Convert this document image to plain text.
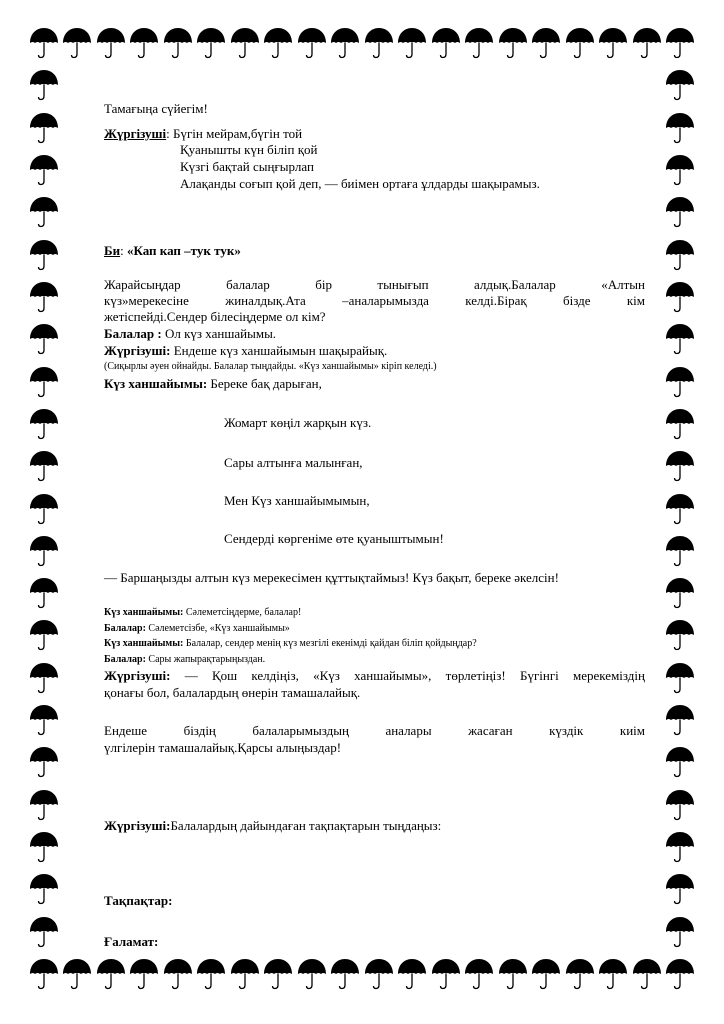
Тамағыңа сүйегім!
Жүргізуші: Бүгін мейрам,бүгін той
Қуанышты күн біліп қой
Күзгі бақтай сыңғырлап
Алақанды соғып қой деп, — биімен ортаға ұлдарды шақырамыз.
Би: «Кап кап –тук тук»
Жарайсыңдар балалар бір тынығып алдық.Балалар «Алтын
күз»мерекесіне жиналдық.Ата –аналарымызда келді.Бірақ бізде кім
жетіспейді.Сендер білесіңдерме ол кім?
Балалар : Ол күз ханшайымы.
Жүргізуші: Ендеше күз ханшайымын шақырайық.
(Сиқырлы әуен ойнайды. Балалар тыңдайды. «Күз ханшайымы» кіріп келеді.)
Күз ханшайымы: Береке бақ дарыған,
Жомарт көңіл жарқын күз.
Сары алтынға малынған,
Мен Күз ханшайымымын,
Сендерді көргеніме өте қуаныштымын!
— Баршаңызды алтын күз мерекесімен құттықтаймыз! Күз бақыт, береке әкелсін!
Күз ханшайымы: Сәлеметсіңдерме, балалар!
Балалар: Сәлеметсізбе, «Күз ханшайымы»
Күз ханшайымы: Балалар, сендер менің күз мезгілі екенімді қайдан біліп қойдыңдар?
Балалар: Сары жапырақтарыңыздан.
Жүргізуші: — Қош келдіңіз, «Күз ханшайымы», төрлетіңіз! Бүгінгі мерекеміздің
қонағы бол, балалардың өнерін тамашалайық.
Ендеше біздің балаларымыздың аналары жасаған күздік киім
үлгілерін тамашалайық.Қарсы алыңыздар!
Жүргізуші:Балалардың дайындаған тақпақтарын тыңдаңыз:
Тақпақтар:
Ғаламат:
